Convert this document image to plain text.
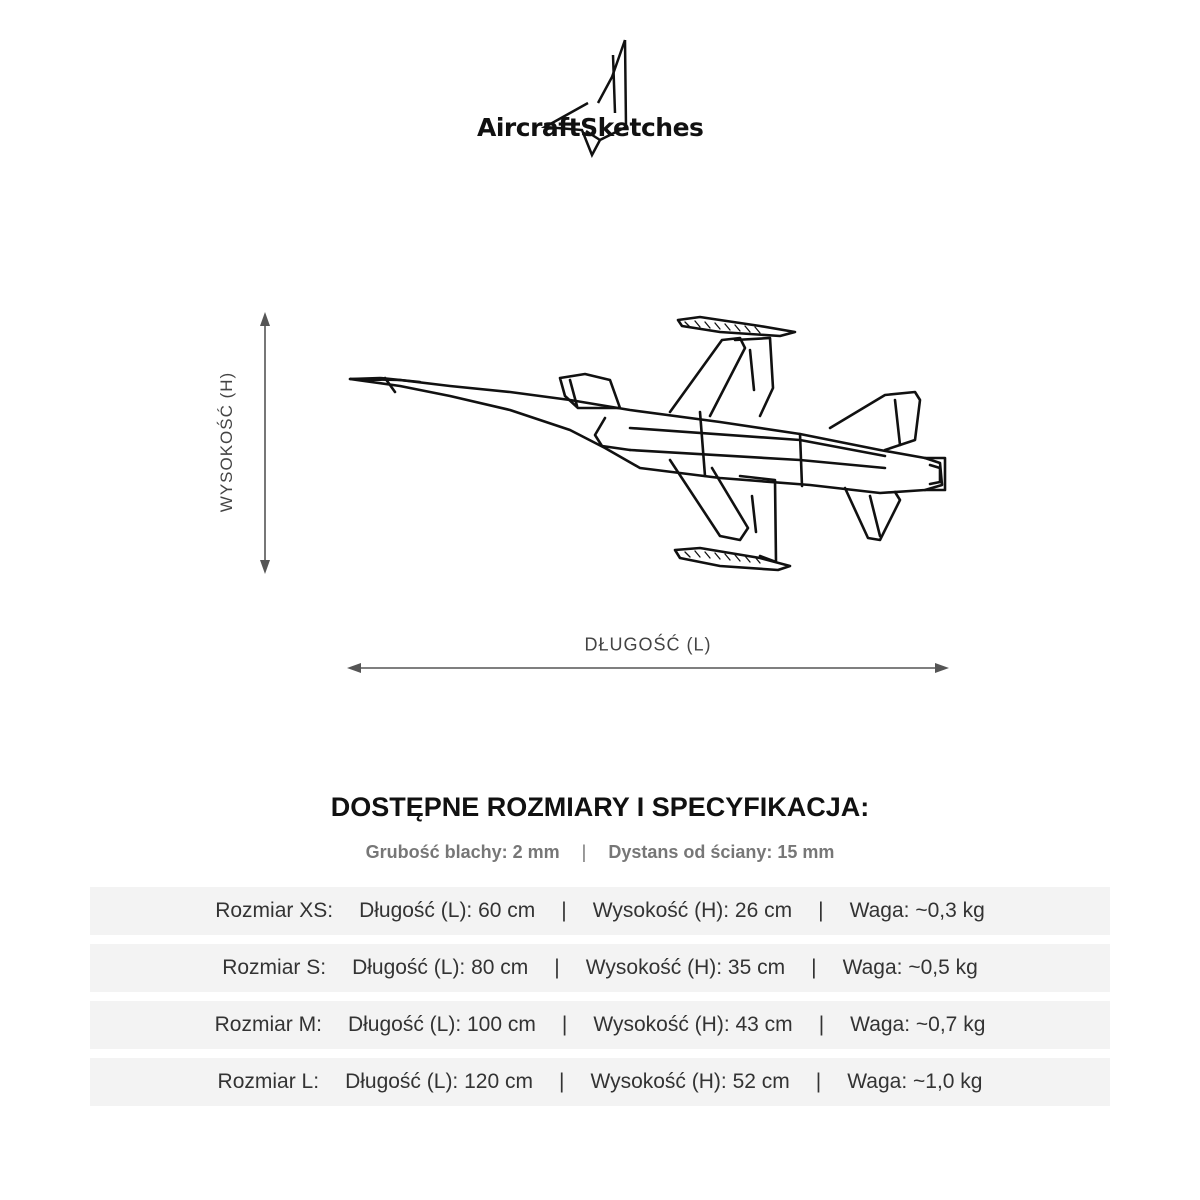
AircraftSketches
WYSOKOŚĆ (H)
DŁUGOŚĆ (L)
DOSTĘPNE ROZMIARY I SPECYFIKACJA:
Grubość blachy: 2 mm | Dystans od ściany: 15 mm
Rozmiar XS: Długość (L): 60 cm | Wysokość (H): 26 cm | Waga: ~0,3 kg
Rozmiar S: Długość (L): 80 cm | Wysokość (H): 35 cm | Waga: ~0,5 kg
Rozmiar M: Długość (L): 100 cm | Wysokość (H): 43 cm | Waga: ~0,7 kg
Rozmiar L: Długość (L): 120 cm | Wysokość (H): 52 cm | Waga: ~1,0 kg
